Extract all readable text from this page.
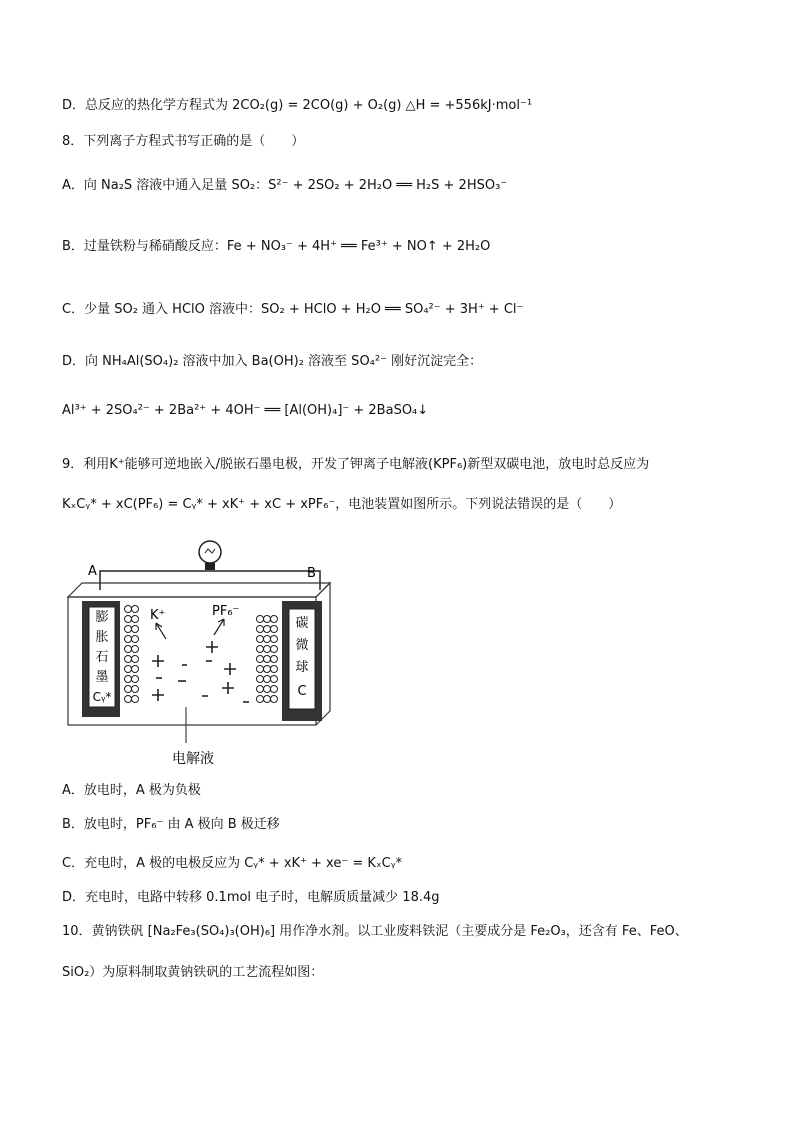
D．总反应的热化学方程式为 2CO₂(g) = 2CO(g) + O₂(g) △H = +556kJ·mol⁻¹
8．下列离子方程式书写正确的是（　　）
A．向 Na₂S 溶液中通入足量 SO₂：S²⁻ + 2SO₂ + 2H₂O ══ H₂S + 2HSO₃⁻
B．过量铁粉与稀硝酸反应：Fe + NO₃⁻ + 4H⁺ ══ Fe³⁺ + NO↑ + 2H₂O
C．少量 SO₂ 通入 HClO 溶液中：SO₂ + HClO + H₂O ══ SO₄²⁻ + 3H⁺ + Cl⁻
D．向 NH₄Al(SO₄)₂ 溶液中加入 Ba(OH)₂ 溶液至 SO₄²⁻ 刚好沉淀完全：
Al³⁺ + 2SO₄²⁻ + 2Ba²⁺ + 4OH⁻ ══ [Al(OH)₄]⁻ + 2BaSO₄↓
9．利用K⁺能够可逆地嵌入/脱嵌石墨电极，开发了钾离子电解液(KPF₆)新型双碳电池，放电时总反应为
KₓCᵧ* + xC(PF₆) = Cᵧ* + xK⁺ + xC + xPF₆⁻，电池装置如图所示。下列说法错误的是（　　）
A	B
膨
胀
石
墨
Cᵧ*
K⁺	PF₆⁻
碳
微
球
C
电解液
A．放电时，A 极为负极
B．放电时，PF₆⁻ 由 A 极向 B 极迁移
C．充电时，A 极的电极反应为 Cᵧ* + xK⁺ + xe⁻ = KₓCᵧ*
D．充电时，电路中转移 0.1mol 电子时，电解质质量减少 18.4g
10．黄钠铁矾 [Na₂Fe₃(SO₄)₃(OH)₆] 用作净水剂。以工业废料铁泥（主要成分是 Fe₂O₃，还含有 Fe、FeO、
SiO₂）为原料制取黄钠铁矾的工艺流程如图：
